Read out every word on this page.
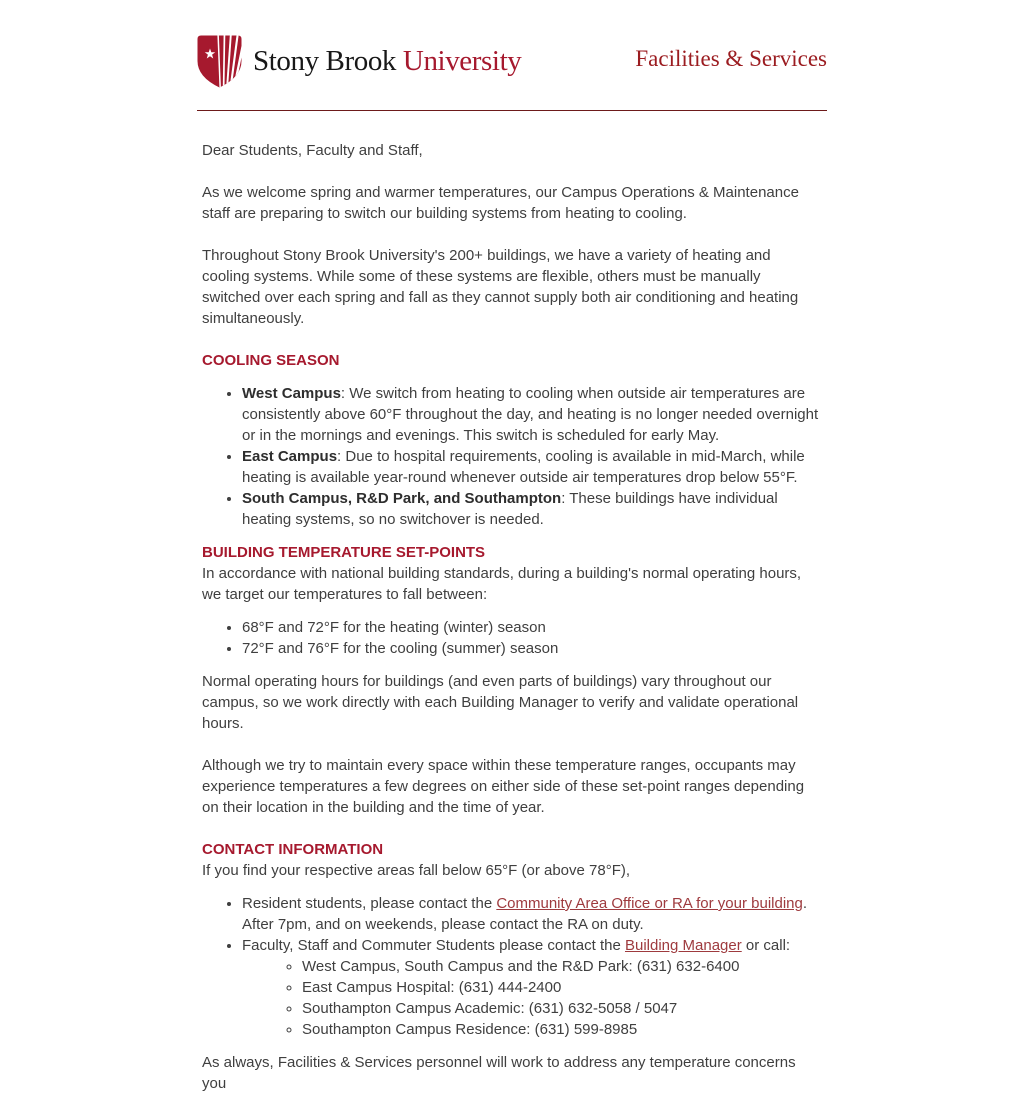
Stony Brook University	Facilities & Services

Dear Students, Faculty and Staff,

As we welcome spring and warmer temperatures, our Campus Operations & Maintenance staff are preparing to switch our building systems from heating to cooling.

Throughout Stony Brook University's 200+ buildings, we have a variety of heating and cooling systems. While some of these systems are flexible, others must be manually switched over each spring and fall as they cannot supply both air conditioning and heating simultaneously.

COOLING SEASON
• West Campus: We switch from heating to cooling when outside air temperatures are consistently above 60°F throughout the day, and heating is no longer needed overnight or in the mornings and evenings. This switch is scheduled for early May.
• East Campus: Due to hospital requirements, cooling is available in mid-March, while heating is available year-round whenever outside air temperatures drop below 55°F.
• South Campus, R&D Park, and Southampton: These buildings have individual heating systems, so no switchover is needed.
BUILDING TEMPERATURE SET-POINTS

In accordance with national building standards, during a building's normal operating hours, we target our temperatures to fall between:

• 68°F and 72°F for the heating (winter) season
• 72°F and 76°F for the cooling (summer) season

Normal operating hours for buildings (and even parts of buildings) vary throughout our campus, so we work directly with each Building Manager to verify and validate operational hours.

Although we try to maintain every space within these temperature ranges, occupants may experience temperatures a few degrees on either side of these set-point ranges depending on their location in the building and the time of year.

CONTACT INFORMATION

If you find your respective areas fall below 65°F (or above 78°F),

• Resident students, please contact the Community Area Office or RA for your building. After 7pm, and on weekends, please contact the RA on duty.
• Faculty, Staff and Commuter Students please contact the Building Manager or call:
◦ West Campus, South Campus and the R&D Park: (631) 632-6400
◦ East Campus Hospital: (631) 444-2400
◦ Southampton Campus Academic: (631) 632-5058 / 5047
◦ Southampton Campus Residence: (631) 599-8985

As always, Facilities & Services personnel will work to address any temperature concerns you
